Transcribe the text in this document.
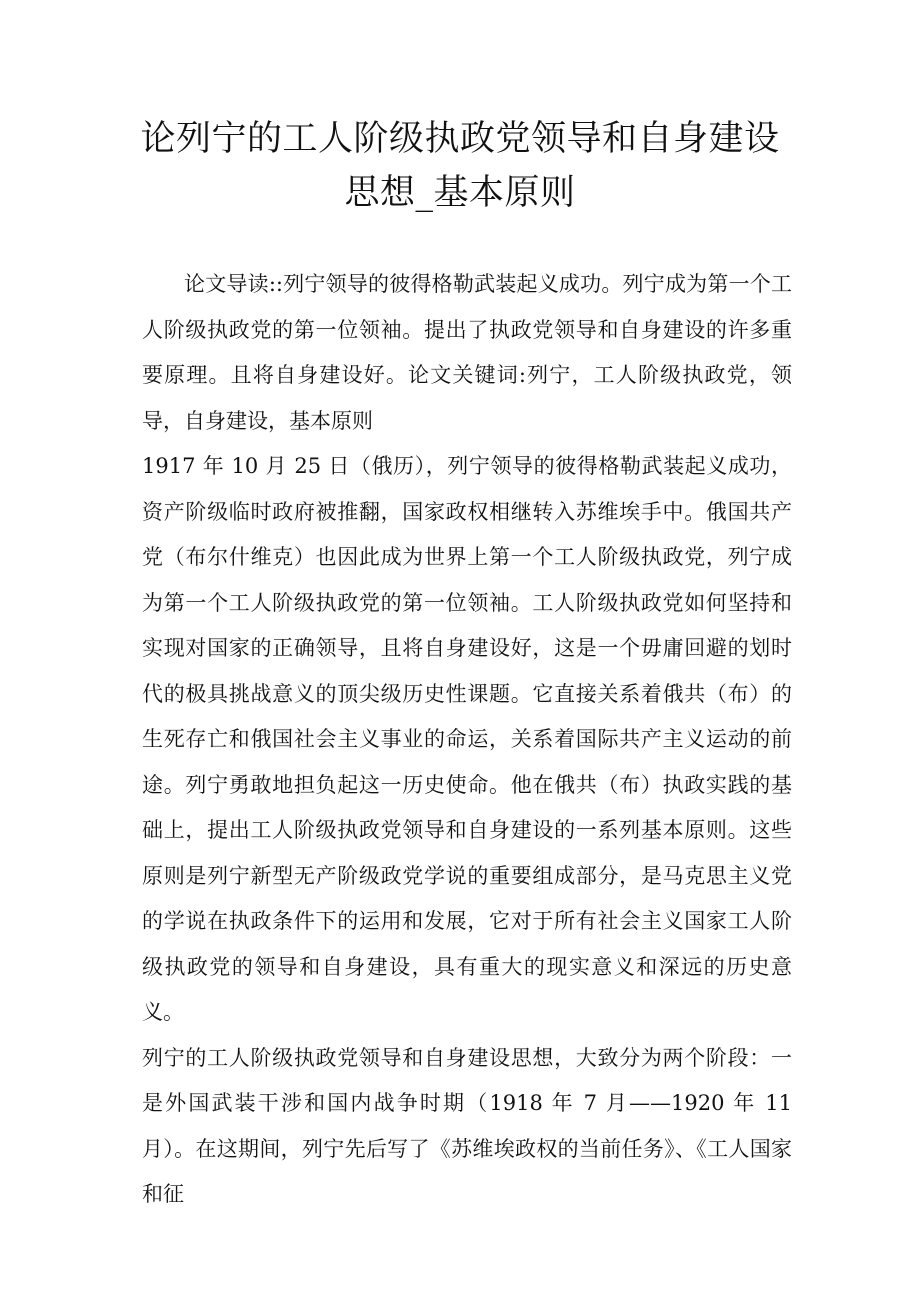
论列宁的工人阶级执政党领导和自身建设
思想_基本原则

论文导读::列宁领导的彼得格勒武装起义成功。列宁成为第一个工人阶级执政党的第一位领袖。提出了执政党领导和自身建设的许多重要原理。且将自身建设好。论文关键词:列宁，工人阶级执政党，领导，自身建设，基本原则

1917 年 10 月 25 日（俄历），列宁领导的彼得格勒武装起义成功，资产阶级临时政府被推翻，国家政权相继转入苏维埃手中。俄国共产党（布尔什维克）也因此成为世界上第一个工人阶级执政党，列宁成为第一个工人阶级执政党的第一位领袖。工人阶级执政党如何坚持和实现对国家的正确领导，且将自身建设好，这是一个毋庸回避的划时代的极具挑战意义的顶尖级历史性课题。它直接关系着俄共（布）的生死存亡和俄国社会主义事业的命运，关系着国际共产主义运动的前途。列宁勇敢地担负起这一历史使命。他在俄共（布）执政实践的基础上，提出工人阶级执政党领导和自身建设的一系列基本原则。这些原则是列宁新型无产阶级政党学说的重要组成部分，是马克思主义党的学说在执政条件下的运用和发展，它对于所有社会主义国家工人阶级执政党的领导和自身建设，具有重大的现实意义和深远的历史意义。

列宁的工人阶级执政党领导和自身建设思想，大致分为两个阶段：一是外国武装干涉和国内战争时期（1918 年 7 月——1920 年 11 月）。在这期间，列宁先后写了《苏维埃政权的当前任务》、《工人国家和征
